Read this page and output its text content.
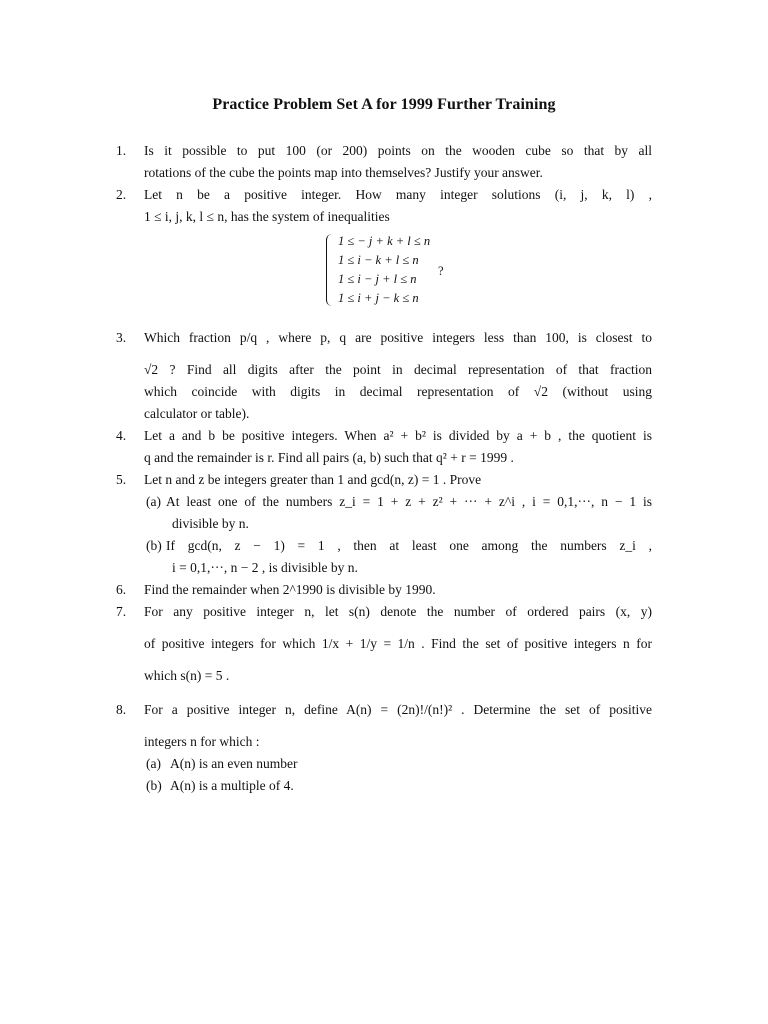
Practice Problem Set A for 1999 Further Training
1. Is it possible to put 100 (or 200) points on the wooden cube so that by all
rotations of the cube the points map into themselves? Justify your answer.
2. Let n be a positive integer. How many integer solutions (i, j, k, l) ,
1 ≤ i, j, k, l ≤ n, has the system of inequalities
1 ≤ − j + k + l ≤ n
1 ≤ i − k + l ≤ n
1 ≤ i − j + l ≤ n
1 ≤ i + j − k ≤ n
?
3. Which fraction p/q , where p, q are positive integers less than 100, is closest to
√2 ? Find all digits after the point in decimal representation of that fraction
which coincide with digits in decimal representation of √2 (without using
calculator or table).
4. Let a and b be positive integers. When a² + b² is divided by a + b , the quotient is
q and the remainder is r. Find all pairs (a, b) such that q² + r = 1999 .
5. Let n and z be integers greater than 1 and gcd(n, z) = 1 . Prove
(a) At least one of the numbers z_i = 1 + z + z² + ··· + z^i , i = 0,1,···, n − 1 is
divisible by n.
(b) If gcd(n, z − 1) = 1 , then at least one among the numbers z_i ,
i = 0,1,···, n − 2 , is divisible by n.
6. Find the remainder when 2^1990 is divisible by 1990.
7. For any positive integer n, let s(n) denote the number of ordered pairs (x, y)
of positive integers for which 1/x + 1/y = 1/n . Find the set of positive integers n for
which s(n) = 5 .
8. For a positive integer n, define A(n) = (2n)!/(n!)² . Determine the set of positive
integers n for which :
(a) A(n) is an even number
(b) A(n) is a multiple of 4.
